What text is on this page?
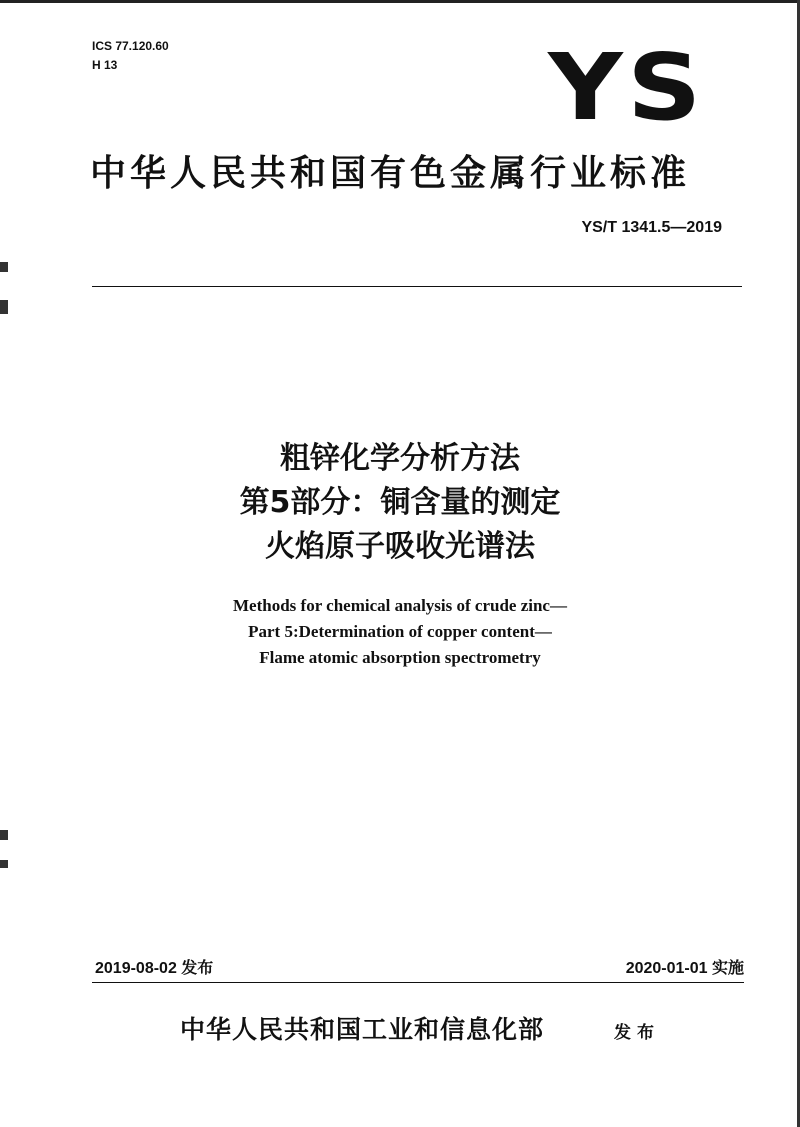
ICS 77.120.60
H 13	YS
中华人民共和国有色金属行业标准
YS/T 1341.5—2019
粗锌化学分析方法
第5部分：铜含量的测定
火焰原子吸收光谱法
Methods for chemical analysis of crude zinc—
Part 5:Determination of copper content—
Flame atomic absorption spectrometry
2019-08-02 发布	2020-01-01 实施
中华人民共和国工业和信息化部	发布
